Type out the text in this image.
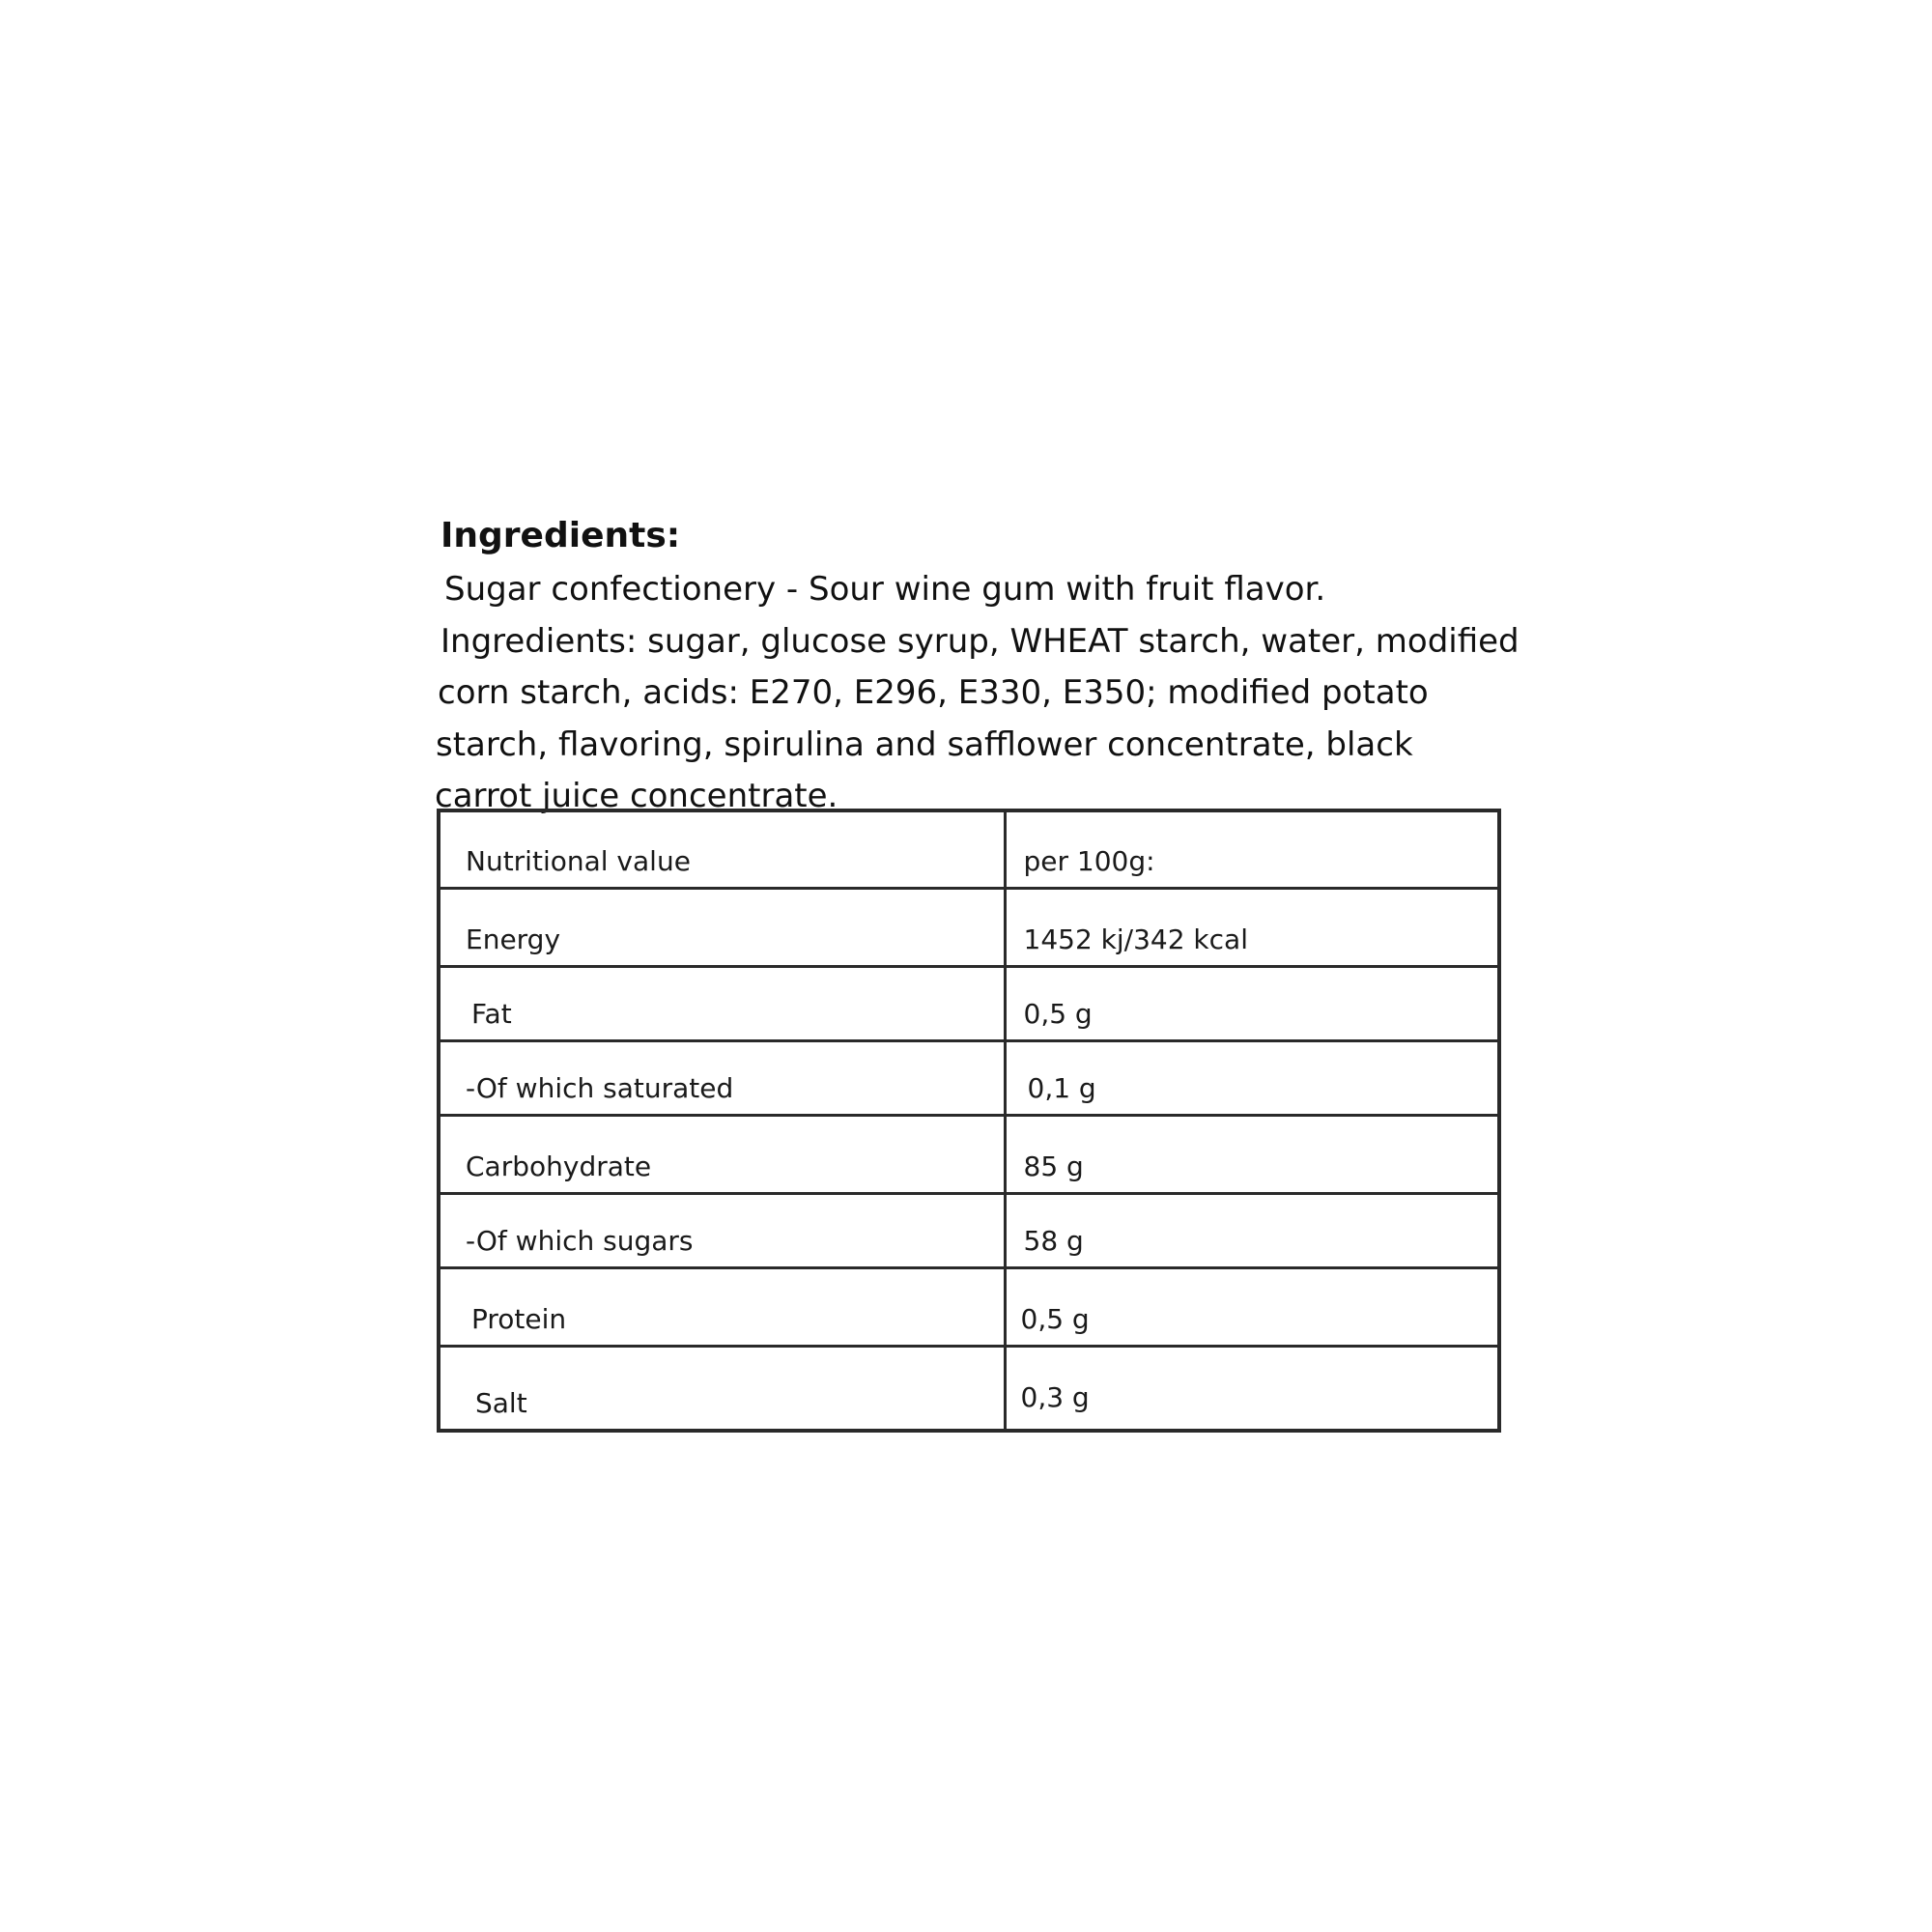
Ingredients:
Sugar confectionery - Sour wine gum with fruit flavor.
Ingredients: sugar, glucose syrup, WHEAT starch, water, modified
corn starch, acids: E270, E296, E330, E350; modified potato
starch, flavoring, spirulina and safflower concentrate, black
carrot juice concentrate.
Nutritional value	per 100g:
Energy	1452 kj/342 kcal
Fat	0,5 g
-Of which saturated	0,1 g
Carbohydrate	85 g
-Of which sugars	58 g
Protein	0,5 g
Salt	0,3 g
